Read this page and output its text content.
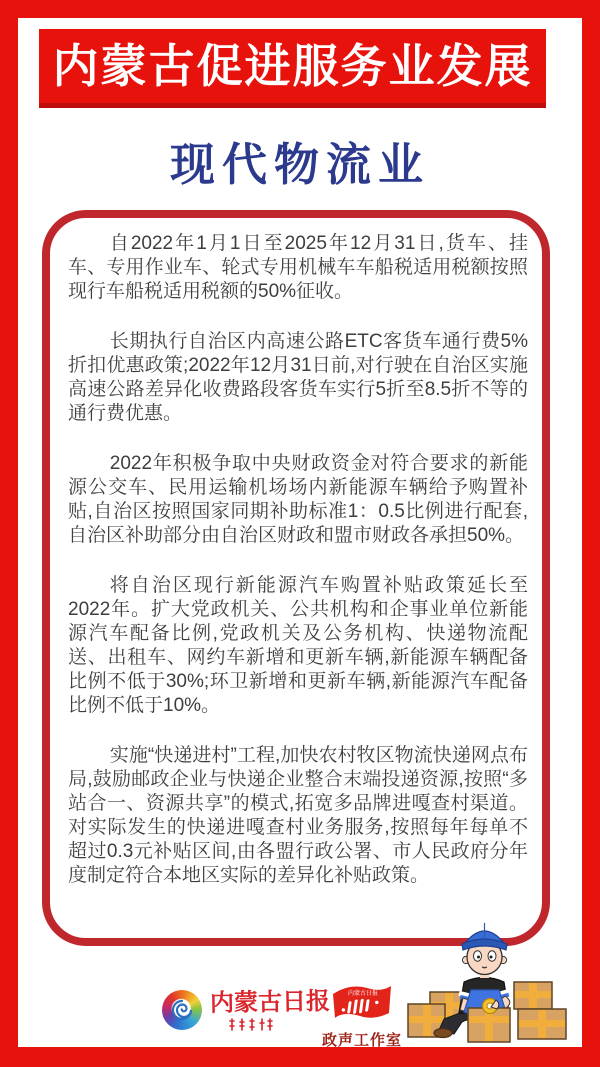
内蒙古促进服务业发展
现代物流业

自2022年1月1日至2025年12月31日,货车、挂车、专用作业车、轮式专用机械车车船税适用税额按照现行车船税适用税额的50%征收。

长期执行自治区内高速公路ETC客货车通行费5%折扣优惠政策;2022年12月31日前,对行驶在自治区实施高速公路差异化收费路段客货车实行5折至8.5折不等的通行费优惠。

2022年积极争取中央财政资金对符合要求的新能源公交车、民用运输机场场内新能源车辆给予购置补贴,自治区按照国家同期补助标准1：0.5比例进行配套,自治区补助部分由自治区财政和盟市财政各承担50%。

将自治区现行新能源汽车购置补贴政策延长至2022年。扩大党政机关、公共机构和企事业单位新能源汽车配备比例,党政机关及公务机构、快递物流配送、出租车、网约车新增和更新车辆,新能源车辆配备比例不低于30%;环卫新增和更新车辆,新能源汽车配备比例不低于10%。

实施“快递进村”工程,加快农村牧区物流快递网点布局,鼓励邮政企业与快递企业整合末端投递资源,按照“多站合一、资源共享”的模式,拓宽多品牌进嘎查村渠道。对实际发生的快递进嘎查村业务服务,按照每年每单不超过0.3元补贴区间,由各盟行政公署、市人民政府分年度制定符合本地区实际的差异化补贴政策。

内蒙古日报	内蒙古日报
政声工作室
